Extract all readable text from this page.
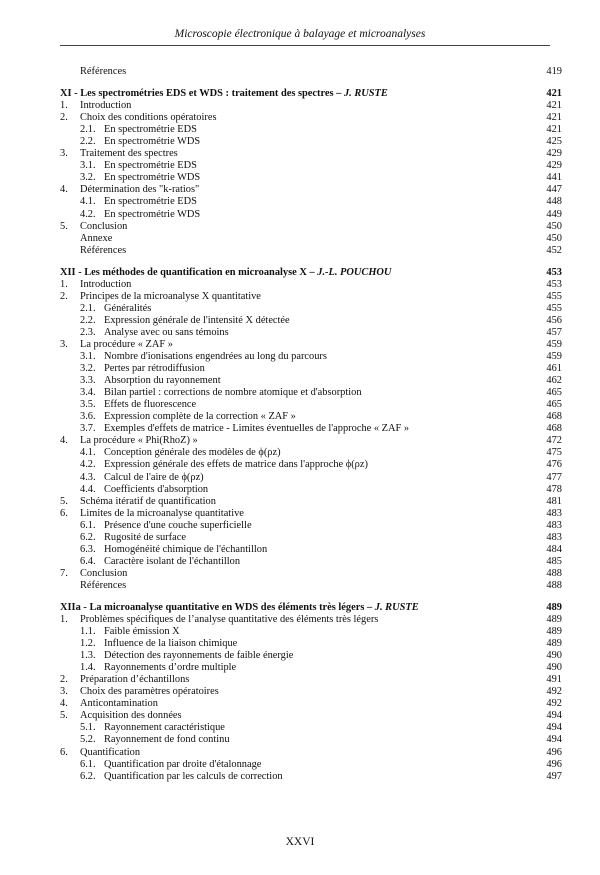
Microscopie électronique à balayage et microanalyses
Références	419
XI - Les spectrométries EDS et WDS : traitement des spectres – J. RUSTE	421
1.	Introduction	421
2.	Choix des conditions opératoires	421
2.1. En spectrométrie EDS	421
2.2. En spectrométrie WDS	425
3.	Traitement des spectres	429
3.1. En spectrométrie EDS	429
3.2. En spectrométrie WDS	441
4.	Détermination des "k-ratios"	447
4.1. En spectrométrie EDS	448
4.2. En spectrométrie WDS	449
5.	Conclusion	450
Annexe	450
Références	452
XII - Les méthodes de quantification en microanalyse X – J.-L. POUCHOU	453
1.	Introduction	453
2.	Principes de la microanalyse X quantitative	455
2.1. Généralités	455
2.2. Expression générale de l'intensité X détectée	456
2.3. Analyse avec ou sans témoins	457
3.	La procédure « ZAF »	459
3.1. Nombre d'ionisations engendrées au long du parcours	459
3.2. Pertes par rétrodiffusion	461
3.3. Absorption du rayonnement	462
3.4. Bilan partiel : corrections de nombre atomique et d'absorption	465
3.5. Effets de fluorescence	465
3.6. Expression complète de la correction « ZAF »	468
3.7. Exemples d'effets de matrice - Limites éventuelles de l'approche « ZAF »	468
4.	La procédure « Phi(RhoZ) »	472
4.1. Conception générale des modèles de ϕ(ρz)	475
4.2. Expression générale des effets de matrice dans l'approche ϕ(ρz)	476
4.3. Calcul de l'aire de ϕ(ρz)	477
4.4. Coefficients d'absorption	478
5.	Schéma itératif de quantification	481
6.	Limites de la microanalyse quantitative	483
6.1. Présence d'une couche superficielle	483
6.2. Rugosité de surface	483
6.3. Homogénéité chimique de l'échantillon	484
6.4. Caractère isolant de l'échantillon	485
7.	Conclusion	488
Références	488
XIIa - La microanalyse quantitative en WDS des éléments très légers – J. RUSTE	489
1.	Problèmes spécifiques de l’analyse quantitative des éléments très légers	489
1.1. Faible émission X	489
1.2. Influence de la liaison chimique	489
1.3. Détection des rayonnements de faible énergie	490
1.4. Rayonnements d’ordre multiple	490
2.	Préparation d’échantillons	491
3.	Choix des paramètres opératoires	492
4.	Anticontamination	492
5.	Acquisition des données	494
5.1. Rayonnement caractéristique	494
5.2. Rayonnement de fond continu	494
6.	Quantification	496
6.1. Quantification par droite d'étalonnage	496
6.2. Quantification par les calculs de correction	497
XXVI
